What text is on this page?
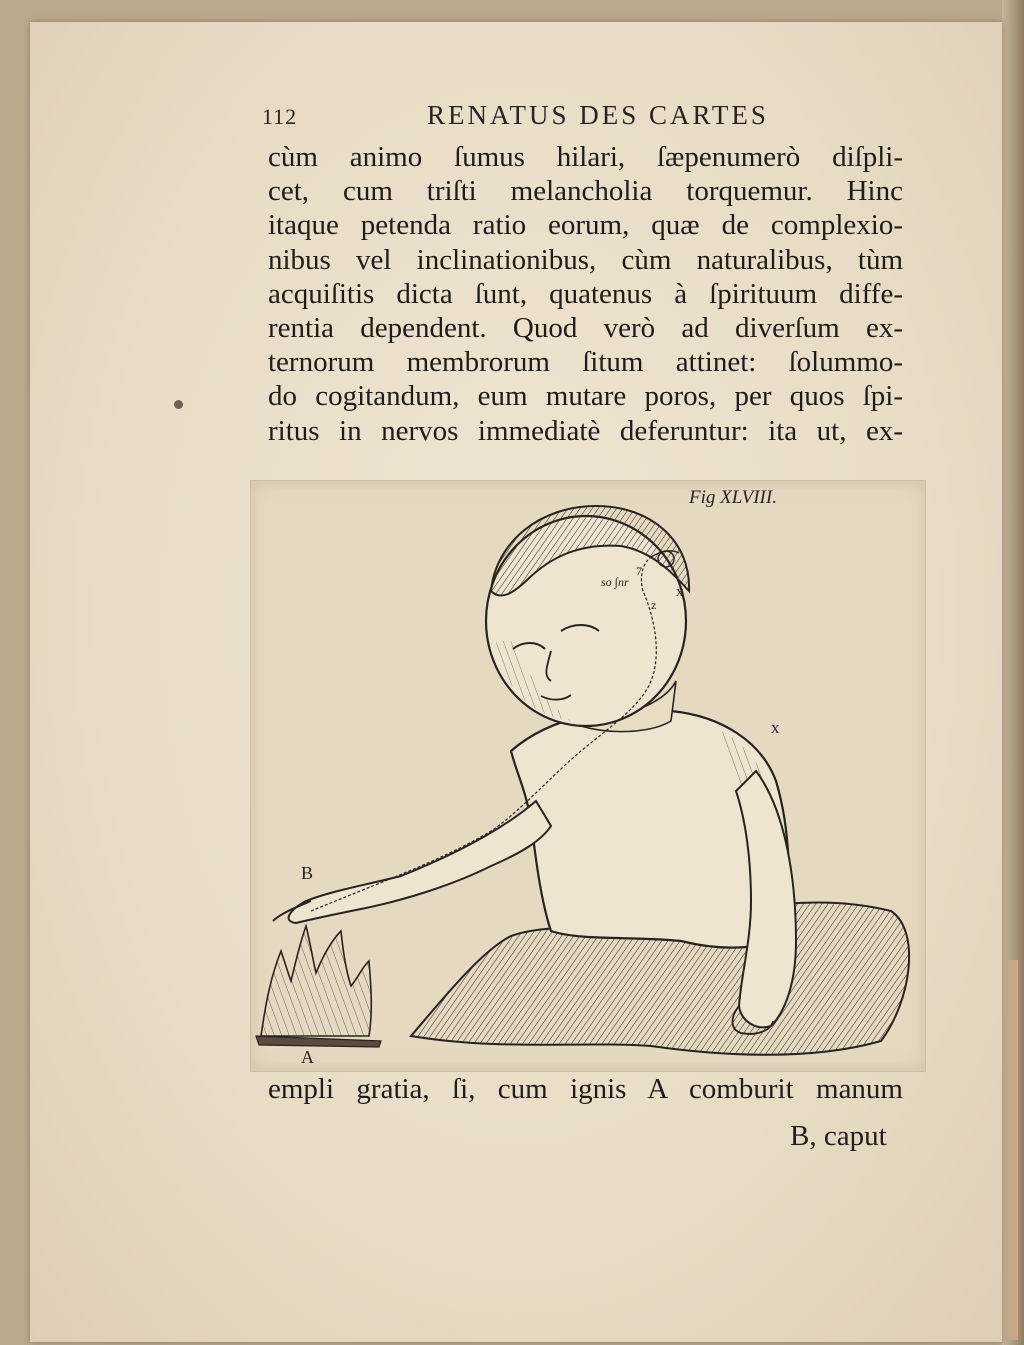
112	RENATUS DES CARTES
cùm animo ſumus hilari, ſæpenumerò diſpli-
cet, cum triſti melancholia torquemur. Hinc
itaque petenda ratio eorum, quæ de complexio-
nibus vel inclinationibus, cùm naturalibus, tùm
acquiſitis dicta ſunt, quatenus à ſpirituum diffe-
rentia dependent. Quod verò ad diverſum ex-
ternorum membrorum ſitum attinet: ſolummo-
do cogitandum, eum mutare poros, per quos ſpi-
ritus in nervos immediatè deferuntur: ita ut, ex-
Fig XLVIII.
B
A
x
x
so ∫nr
z
7
empli gratia, ſi, cum ignis A comburit manum
B, caput
